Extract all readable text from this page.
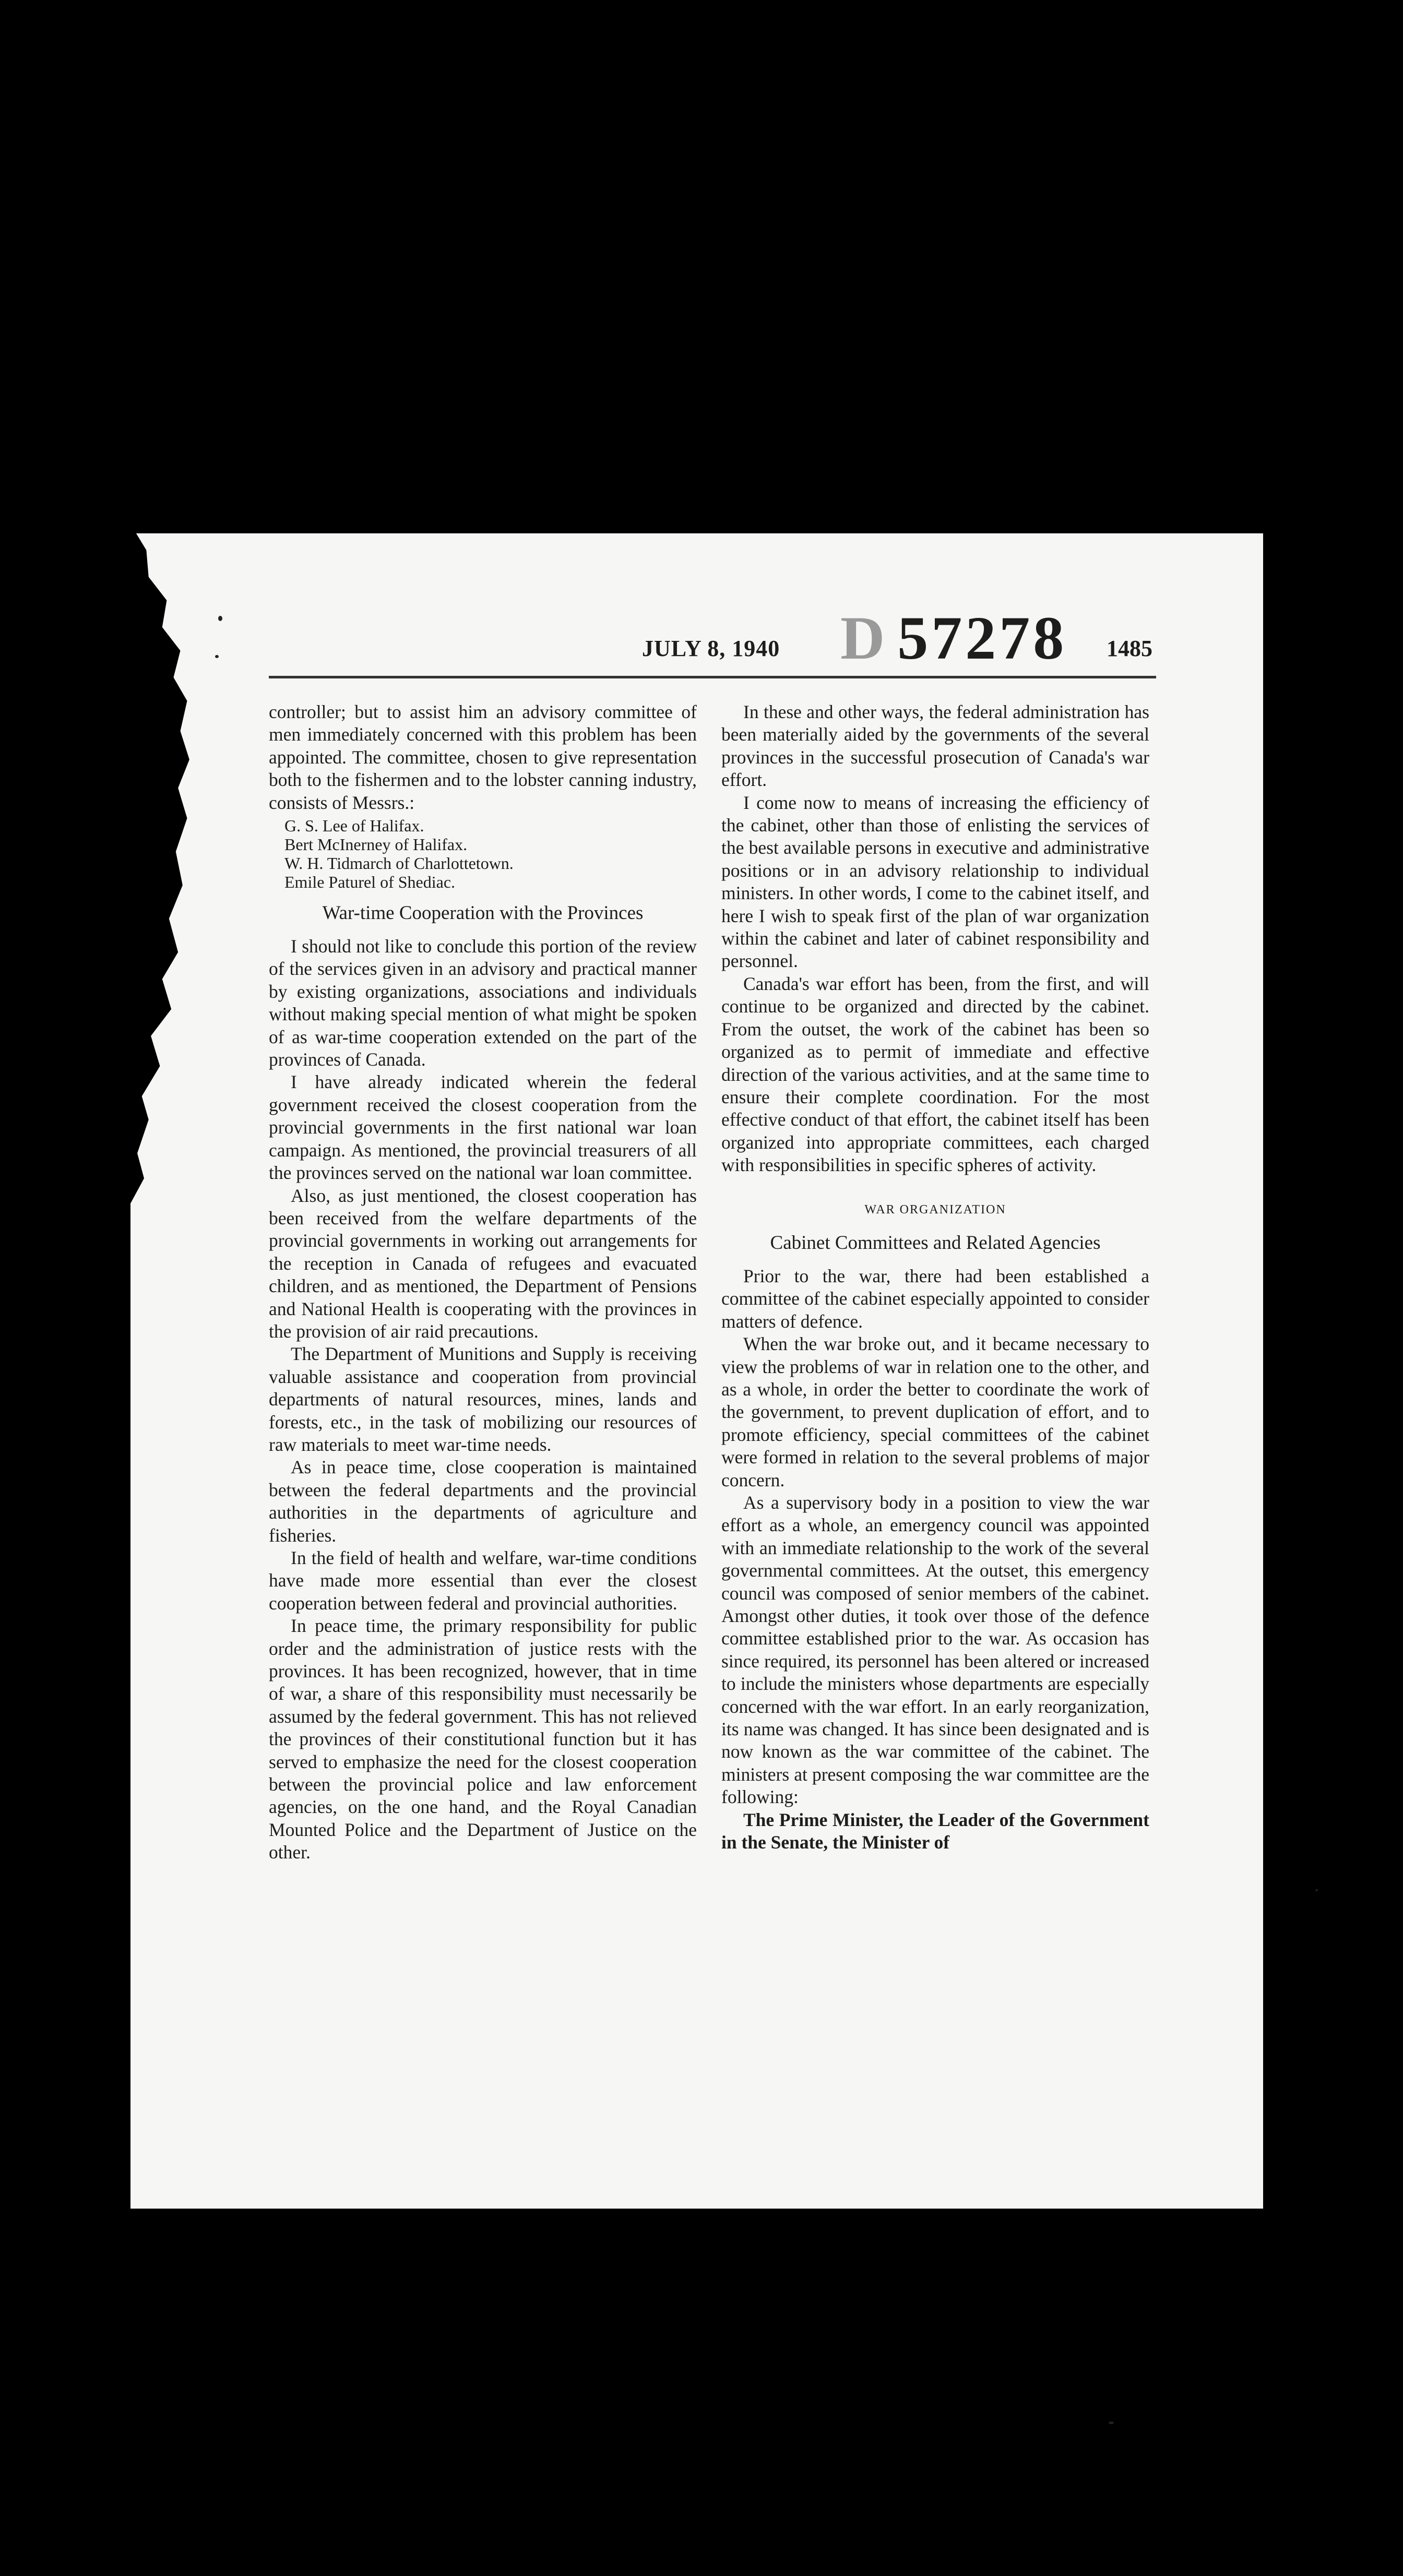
JULY 8, 1940 D 57278 1485

controller; but to assist him an advisory committee of men immediately concerned with this problem has been appointed. The committee, chosen to give representation both to the fishermen and to the lobster canning industry, consists of Messrs.:

G. S. Lee of Halifax.
Bert McInerney of Halifax.
W. H. Tidmarch of Charlottetown.
Emile Paturel of Shediac.
War-time Cooperation with the Provinces

I should not like to conclude this portion of the review of the services given in an advisory and practical manner by existing organizations, associations and individuals without making special mention of what might be spoken of as war-time cooperation extended on the part of the provinces of Canada.

I have already indicated wherein the federal government received the closest cooperation from the provincial governments in the first national war loan campaign. As mentioned, the provincial treasurers of all the provinces served on the national war loan committee.

Also, as just mentioned, the closest cooperation has been received from the welfare departments of the provincial governments in working out arrangements for the reception in Canada of refugees and evacuated children, and as mentioned, the Department of Pensions and National Health is cooperating with the provinces in the provision of air raid precautions.

The Department of Munitions and Supply is receiving valuable assistance and cooperation from provincial departments of natural resources, mines, lands and forests, etc., in the task of mobilizing our resources of raw materials to meet war-time needs.

As in peace time, close cooperation is maintained between the federal departments and the provincial authorities in the departments of agriculture and fisheries.

In the field of health and welfare, war-time conditions have made more essential than ever the closest cooperation between federal and provincial authorities.

In peace time, the primary responsibility for public order and the administration of justice rests with the provinces. It has been recognized, however, that in time of war, a share of this responsibility must necessarily be assumed by the federal government. This has not relieved the provinces of their constitutional function but it has served to emphasize the need for the closest cooperation between the provincial police and law enforcement agencies, on the one hand, and the Royal Canadian Mounted Police and the Department of Justice on the other.

In these and other ways, the federal administration has been materially aided by the governments of the several provinces in the successful prosecution of Canada's war effort.

I come now to means of increasing the efficiency of the cabinet, other than those of enlisting the services of the best available persons in executive and administrative positions or in an advisory relationship to individual ministers. In other words, I come to the cabinet itself, and here I wish to speak first of the plan of war organization within the cabinet and later of cabinet responsibility and personnel.

Canada's war effort has been, from the first, and will continue to be organized and directed by the cabinet. From the outset, the work of the cabinet has been so organized as to permit of immediate and effective direction of the various activities, and at the same time to ensure their complete coordination. For the most effective conduct of that effort, the cabinet itself has been organized into appropriate committees, each charged with responsibilities in specific spheres of activity.

WAR ORGANIZATION
Cabinet Committees and Related Agencies

Prior to the war, there had been established a committee of the cabinet especially appointed to consider matters of defence.

When the war broke out, and it became necessary to view the problems of war in relation one to the other, and as a whole, in order the better to coordinate the work of the government, to prevent duplication of effort, and to promote efficiency, special committees of the cabinet were formed in relation to the several problems of major concern.

As a supervisory body in a position to view the war effort as a whole, an emergency council was appointed with an immediate relationship to the work of the several governmental committees. At the outset, this emergency council was composed of senior members of the cabinet. Amongst other duties, it took over those of the defence committee established prior to the war. As occasion has since required, its personnel has been altered or increased to include the ministers whose departments are especially concerned with the war effort. In an early reorganization, its name was changed. It has since been designated and is now known as the war committee of the cabinet. The ministers at present composing the war committee are the following:

The Prime Minister, the Leader of the Government in the Senate, the Minister of
